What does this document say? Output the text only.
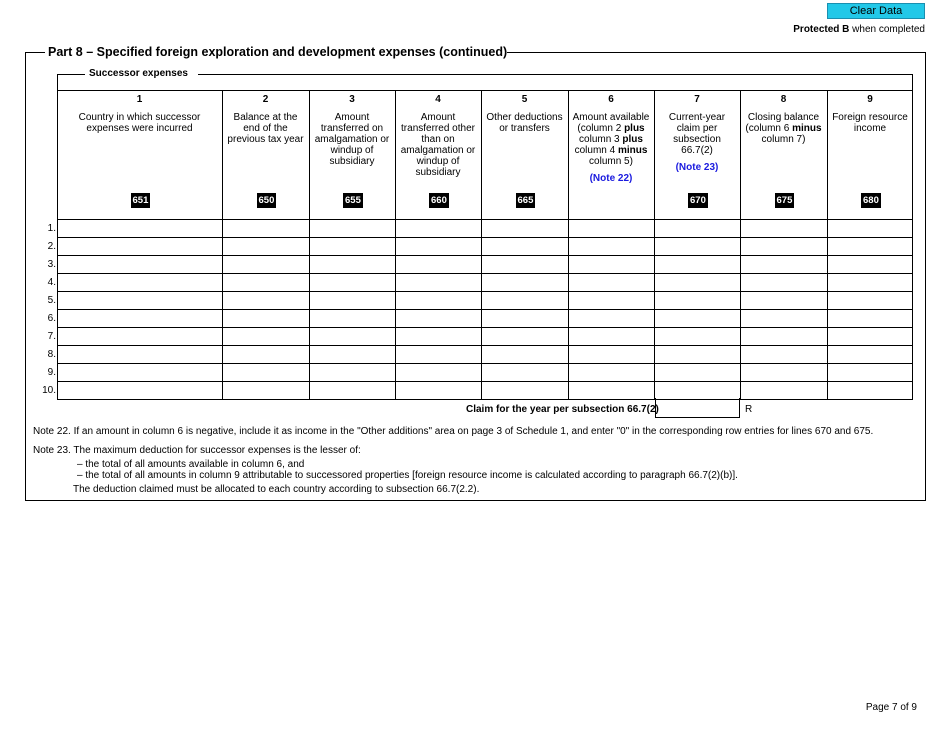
Clear Data
Protected B when completed
Part 8 – Specified foreign exploration and development expenses (continued)
Successor expenses
1
Country in which successor expenses were incurred
651
2
Balance at the end of the previous tax year
650
3
Amount transferred on amalgamation or windup of subsidiary
655
4
Amount transferred other than on amalgamation or windup of subsidiary
660
5
Other deductions or transfers
665
6
Amount available (column 2 plus column 3 plus column 4 minus column 5)
(Note 22)
7
Current-year claim per subsection 66.7(2)
(Note 23)
670
8
Closing balance (column 6 minus column 7)
675
9
Foreign resource income
680
1.
2.
3.
4.
5.
6.
7.
8.
9.
10.
Claim for the year per subsection 66.7(2)	R
Note 22. If an amount in column 6 is negative, include it as income in the "Other additions" area on page 3 of Schedule 1, and enter "0" in the corresponding row entries for lines 670 and 675.
Note 23. The maximum deduction for successor expenses is the lesser of:
– the total of all amounts available in column 6, and
– the total of all amounts in column 9 attributable to successored properties [foreign resource income is calculated according to paragraph 66.7(2)(b)].
The deduction claimed must be allocated to each country according to subsection 66.7(2.2).
Page 7 of 9
